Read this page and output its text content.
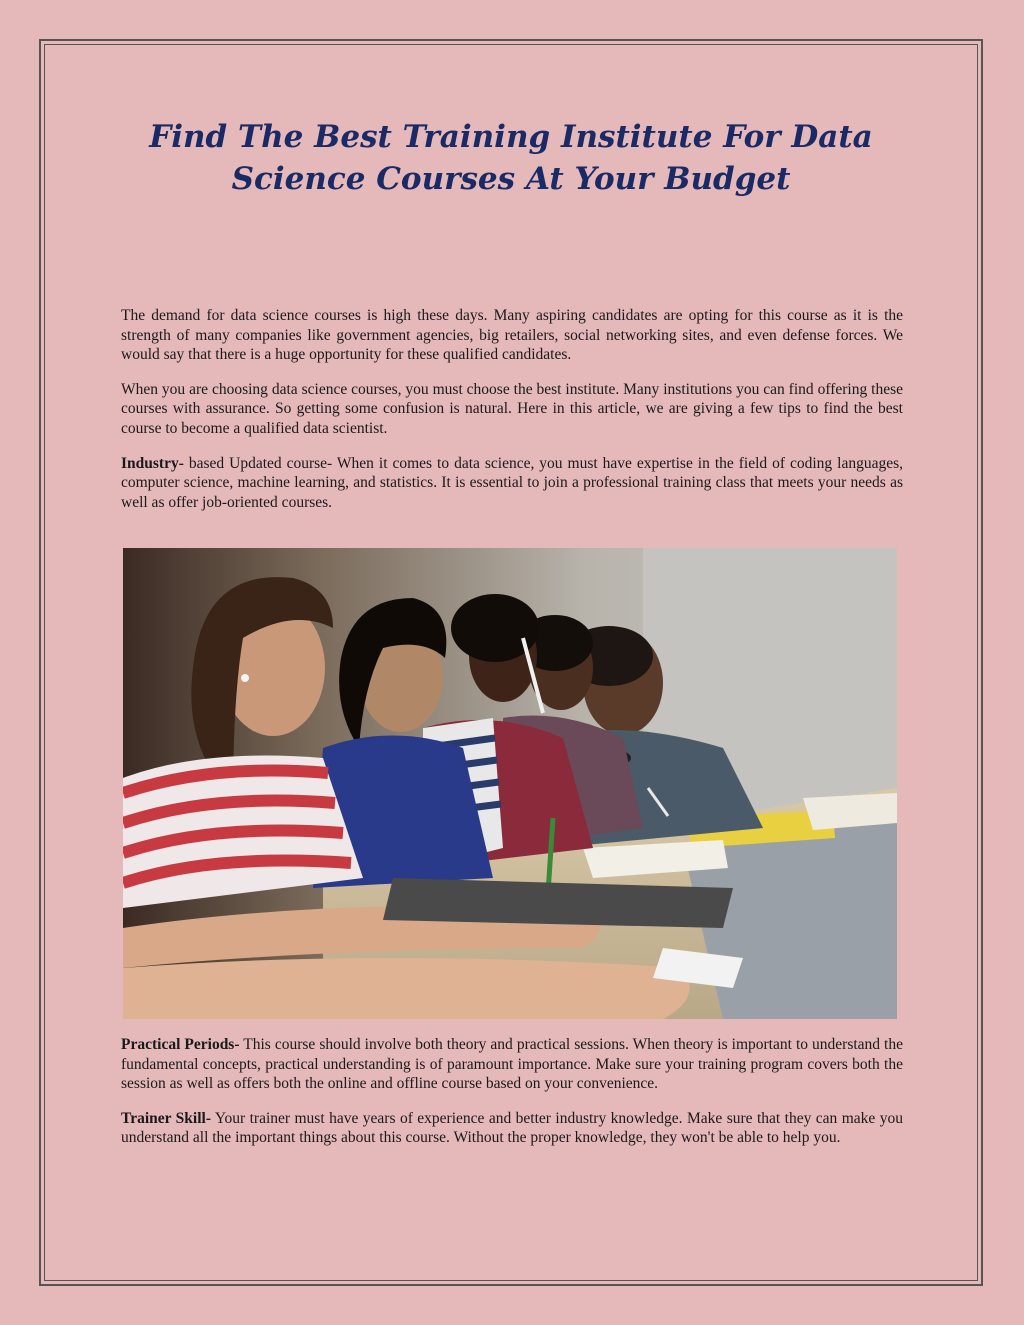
Find The Best Training Institute For Data Science Courses At Your Budget

The demand for data science courses is high these days. Many aspiring candidates are opting for this course as it is the strength of many companies like government agencies, big retailers, social networking sites, and even defense forces. We would say that there is a huge opportunity for these qualified candidates.

When you are choosing data science courses, you must choose the best institute. Many institutions you can find offering these courses with assurance. So getting some confusion is natural. Here in this article, we are giving a few tips to find the best course to become a qualified data scientist.

Industry- based Updated course- When it comes to data science, you must have expertise in the field of coding languages, computer science, machine learning, and statistics. It is essential to join a professional training class that meets your needs as well as offer job-oriented courses.

Practical Periods- This course should involve both theory and practical sessions. When theory is important to understand the fundamental concepts, practical understanding is of paramount importance. Make sure your training program covers both the session as well as offers both the online and offline course based on your convenience.

Trainer Skill- Your trainer must have years of experience and better industry knowledge. Make sure that they can make you understand all the important things about this course. Without the proper knowledge, they won't be able to help you.
